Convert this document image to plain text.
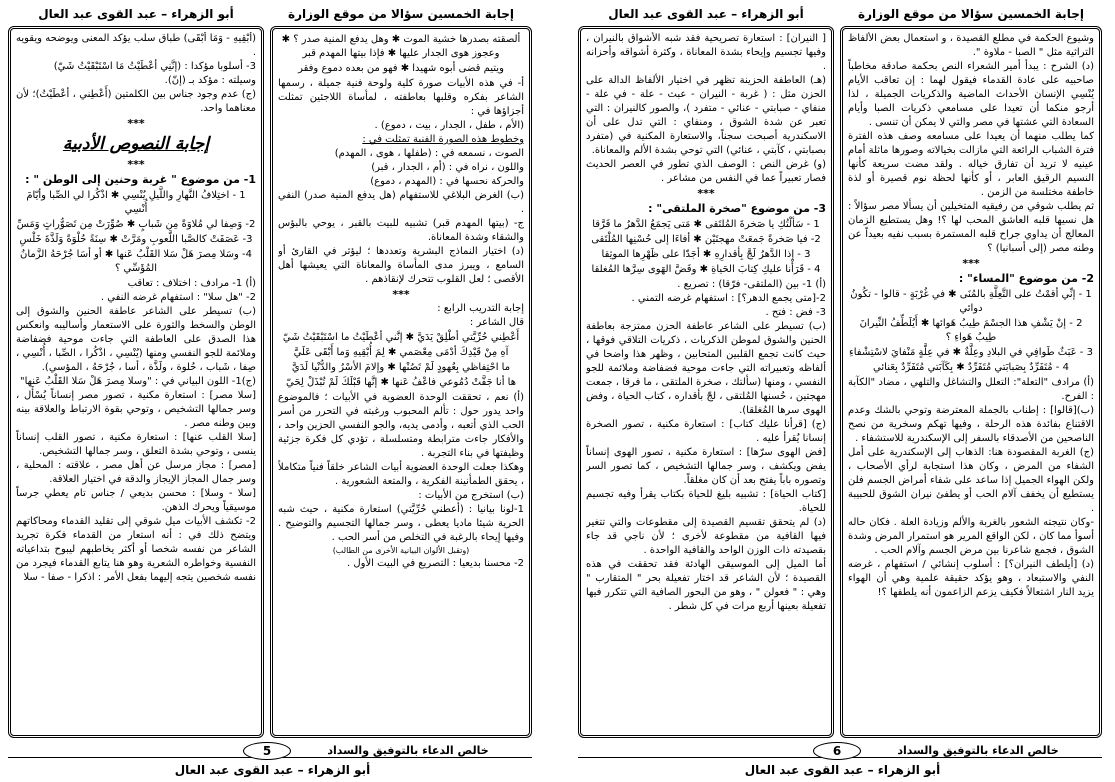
أبو الزهراء – عبد القوى عبد العال	إجابة الخمسين سؤالا من موقع الوزارة
(أبْقِيهِ - وَمَا أَبْقَى) طباق سلب يؤكد المعنى ويوضحه ويقويه .
3- أسلوبا مؤكدا : (إنَّنِي أعْطَيْتُ مَا اسْتَبْقَيْتُ شَيّ)
وسيلته : مؤكد بـ (إنّ).
(ج) عدم وجود جناس بين الكلمتين (أَعْطِني ، أعْطَيْتُ)؛ لأن معناهما واحد.
***
إجابة النصوص الأدبية
***
1- من موضوع " غربة وحنين إلى الوطن " :
1 - اختِلافُ النَّهارِ واللَّيلِ يُنْسِي ✱ اذْكُرا لي الصِّبا وأيّامَ أُنْسِي
2- وَصِفا لي مُلاوَةً مِن شَبابٍ ✱ صُوِّرَتْ مِن تَصَوُّراتٍ وَمَسِّ
3- عَصَفَتْ كالصَّبا اللَّعوبِ ومَرَّتْ ✱ سِنَةً حُلْوَةً وَلَذَّةَ خَلْسِ
4- وسَلا مِصرَ هَلْ سَلا القَلْبُ عَنها ✱ أو أسَا جُرْحَهُ الزَّمانُ المُؤَسِّي ؟
(أ) 1- مرادف : اختلاف : تعاقب
2- "هل سلا" : استفهام غرضه النفي .
(ب) تسيطر على الشاعر عاطفة الحنين والشوق إلى الوطن والسخط والثورة على الاستعمار وأساليبه وانعكس هذا الصدق على العاطفة التي جاءت موحية فضفاضة وملائمة للجو النفسي ومنها (يُنْسِي ، اذْكُرا ، الصِّبا ، أُنْسِي ، صِفا ، شَباب ، حُلوة ، ولَذَّة ، أسا ، جُرْحَهُ ، المؤسي).
(ج)1- اللون البياني في : "وسلا مِصرَ هَلْ سَلا القَلْبُ عَنها"
[سلا مصر] : استعارة مكنية ، تصور مصر إنساناً يُسْأَل ، وسر جمالها التشخيص ، وتوحي بقوة الارتباط والعلاقة بينه وبين وطنه مصر .
[سلا القلب عنها] : استعارة مكنية ، تصور القلب إنساناً ينسى ، وتوحي بشدة التعلق ، وسر جمالها التشخيص.
[مصر] : مجاز مرسل عن أهل مصر ، علاقته : المحلية ، وسر جمال المجاز الإيجاز والدقة في اختيار العلاقة.
[سلا - وسلا] : محسن بديعي / جناس تام يعطي جرساً موسيقياً ويحرك الذهن.
2- تكشف الأبيات ميل شوقي إلى تقليد القدماء ومحاكاتهم ويتضح ذلك في : أنه استعار من القدماء فكرة تجريد الشاعر من نفسه شخصا أو أكثر يخاطبهم ليبوح بتداعياته النفسية وخواطره الشعرية وهو هنا يتابع القدماء فيجرد من نفسه شخصين يتجه إليهما بفعل الأمر : اذكرا - صفا - سلا
ألصقته بصدرها خشية الموت ✱ وهل يدفع المنية صدر ؟ ✱ وعجوز هوى الجدار عليها ✱ فإذا بيتها المهدم قبر
ويتيم قضى أبوه شهيدا ✱ فهو من بعده دموع وفقر
أ- في هذه الأبيات صورة كلية ولوحة فنية جميلة ، رسمها الشاعر بفكره وقلبها بعاطفته ، لمأساة اللاجئين تمثلت أجزاؤها في :
(الأم ، طفل ، الجدار ، بيت ، دموع) .
وخطوط هذه الصورة الفنية تمثلت في :
الصوت ، نسمعه في : (طفلها ، هوى ، المهدم)
واللون ، نراه في : (أم ، الجدار ، قبر)
والحركة نحسها في : (المهدم ، دموع)
(ب) الغرض البلاغي للاستفهام (هل يدفع المنية صدر) النفي .
ج- (بيتها المهدم قبر) تشبيه للبيت بالقبر ، يوحي بالبؤس والشقاء وشدة المعاناة.
(د) اختيار النماذج البشرية وتعددها ؛ ليؤثر في القارئ أو السامع ، ويبرز مدى المأساة والمعاناة التي يعيشها أهل الأقصى ؛ لعل القلوب تتحرك لإنقاذهم .
***
إجابة التدريب الرابع :
قال الشاعر :
أَعْطِني حُرِّيَّتي أطْلِقْ يَدَيَّ ✱ إنَّني أعْطَيْتُ ما اسْتَبْقَيْتُ شَيّ
آهِ مِنْ قَيْدِكَ أدْمَى مِعْصَمي ✱ لِمَ أُبْقِيهِ وَما أَبْقَى عَلَيَّ
ما احْتِفاظي بِعُهودٍ لَمْ تَصُنْها ✱ وإلامَ الأسْرُ والدُّنْيا لَدَيَّ
ها أنا جَفَّتْ دُمُوعي فاعْفُ عَنها ✱ إنَّها قَبْلَكَ لَمْ تُبْذَلْ لِحَيّ
(أ) نعم ، تحققت الوحدة العضوية في الأبيات ؛ فالموضوع واحد يدور حول : تألم المحبوب ورغبته في التحرر من أسر الحب الذي أتعبه ، وأدمى يديه، والجو النفسي الحزين واحد ، والأفكار جاءت مترابطة ومتسلسلة ، تؤدي كل فكرة جزئية وظيفتها في بناء التجربة .
وهكذا جعلت الوحدة العضوية أبيات الشاعر خلقاً فنياً متكاملاً ، يحقق الطمأنينة الفكرية ، والمتعة الشعورية .
(ب) استخرج من الأبيات :
1-لونا بيانيا : (أعطني حُرِّيَّتي) استعارة مكنية ، حيث شبه الحرية شيئا ماديا يعطى ، وسر جمالها التجسيم والتوضيح . وفيها إيحاء بالرغبة في التخلص من أسر الحب .
(وتقبل الألوان البيانية الأخرى من الطالب)
2- محسنا بديعيا : التصريع في البيت الأول .
5	خالص الدعاء بالتوفيق والسداد
أبو الزهراء – عبد القوى عبد العال
أبو الزهراء – عبد القوى عبد العال	إجابة الخمسين سؤالا من موقع الوزارة
[ النيران] : استعارة تصريحية فقد شبه الأشواق بالنيران ، وفيها تجسيم وإيحاء بشدة المعاناة ، وكثرة أشواقه وأحزانه .
(هـ) العاطفة الحزينة تظهر في اختيار الألفاظ الدالة على الحزن مثل : ( غربة - النيران - عبث - علة - في علة - منفاي - صبابتي - عنائي - متفرد )، والصور كالنيران : التي تعبر عن شدة الشوق ، ومنفاي : التي تدل على أن الاسكندرية أصبحت سجناً، والاستعارة المكنية في (متفرد بصبابتي ، كآبتي ، عنائي) التي توحي بشدة الألم والمعاناة.
(و) غرض النص : الوصف الذي تطور في العصر الحديث فصار تعبيراً عما في النفس من مشاعر .
***
3- من موضوع "صخرة الملتقى" :
1 - سَألْتُكِ يا صَخرةَ المُلتَقى ✱ مَتى يَجمَعُ الدَّهرُ ما فَرَّقا
2- فيا صَخرةً جَمعَتْ مهجتَيْن ✱ أفاءَا إلى حُسْنِها المُلْتَقى
3 - إذا الدَّهرُ لَجَّ بِأقدارِهِ ✱ أجَدّا على ظَهْرِها الموثِقا
4 - قَرَأْنا عليكِ كِتابَ الحَياةِ ✱ وفَضَّ الهَوى سِرَّها المُغلقا
(أ) 1- بين (الملتقى- فرّقا) : تصريع .
2-[متى يجمع الدهر؟] : استفهام غرضه التمني .
3- فض : فتح .
(ب) تسيطر على الشاعر عاطفة الحزن ممتزجة بعاطفة الحنين والشوق لموطن الذكريات ، ذكريات التلاقي فوقها ، حيث كانت تجمع القلبين المتحابين ، وظهر هذا واضحا في ألفاظه وتعبيراته التي جاءت موحية فضفاضة وملائمة للجو النفسي ، ومنها (سألتك ، صخرة الملتقى ، ما فرقا ، جمعت مهجتين ، حُسنها المُلتقى ، لجّ بأقداره ، كتاب الحياة ، وفض الهوى سرها المُغلقا).
(ج) [قرأنا عليك كتاب] : استعارة مكنية ، تصور الصخرة إنسانا يُقرأ عليه .
[فض الهوى سرّها] : استعارة مكنية ، تصور الهوى إنساناً يفض ويكشف ، وسر جمالها التشخيص ، كما تصور السر وتصوره باباً يفتح بعد أن كان مغلقاً.
[كتاب الحياة] : تشبيه بليغ للحياة بكتاب يقرأ وفيه تجسيم للحياة.
(د) لم يتحقق تقسيم القصيدة إلى مقطوعات والتي تتغير فيها القافية من مقطوعة لأخرى ؛ لأن ناجي قد جاء بقصيدته ذات الوزن الواحد والقافية الواحدة .
أما الميل إلى الموسيقى الهادئة فقد تحققت في هذه القصيدة ؛ لأن الشاعر قد اختار تفعيلة بحر " المتقارب " وهي : " فعولن " ، وهو من البحور الصافية التي تتكرر فيها تفعيلة بعينها أربع مرات في كل شطر .
وشيوع الحكمة في مطلع القصيدة ، و استعمال بعض الألفاظ التراثية مثل " الصبا - ملاوة ".
(د) الشرح : يبدأ أمير الشعراء النص بحكمة صادقة مخاطباً صاحبيه على عادة القدماء فيقول لهما : إن تعاقب الأيام يُنْسِي الإنسان الأحداث الماضية والذكريات الجميلة ، لذا أرجو منكما أن تعيدا على مسامعي ذكريات الصبا وأيام السعادة التي عشتها في مصر والتي لا يمكن أن تنسى .
كما يطلب منهما أن يعيدا على مسامعه وصف هذه الفترة فترة الشباب الرائعة التي مازالت بخيالاته وصورها ماثلة أمام عينيه لا تريد أن تفارق خياله . ولقد مضت سريعة كأنها النسيم الرقيق العابر ، أو كأنها لحظة نوم قصيرة أو لذة خاطفة مختلسة من الزمن .
ثم يطلب شوقي من رفيقيه المتخيلين أن يسألا مصر سؤالاً : هل نسيها قلبه العاشق المحب لها ؟! وهل يستطيع الزمان المعالج أن يداوي جراح قلبه المستمرة بسبب نفيه بعيداً عن وطنه مصر (إلى أسبانيا) ؟
***
2- من موضوع "المساء" :
1 - إنِّي أقمْتُ على التَّعِلَّةِ بالمُنَى ✱ في غُرْبَةٍ - قالوا - تكُونُ دوائي
2 - إنْ يَشْفِ هذا الجسْمَ طِيبُ هَوائها ✱ أَيُلَطِّفُ النِّيرانَ طِيبُ هَواءِ ؟
3 - عَبَثٌ طَوافِي في البلادِ وعِلَّةٌ ✱ في عِلَّةٍ مَنْفايَ لاسْتِشْفاءِ
4 - مُتَفَرِّدٌ بِصَبابَتي مُتَفَرِّدٌ ✱ بِكَآبَتي مُتَفَرِّدٌ بِعَنائي
(أ) مرادف "التعلة": التعلل والتشاغل والتلهي ، مضاد "الكآبة : الفرح.
(ب)[قالوا] : إطناب بالجملة المعترضة وتوحي بالشك وعدم الاقتناع بفائدة هذه الرحلة ، وفيها تهكم وسخرية من نصح الناصحين من الأصدقاء بالسفر إلى الإسكندرية للاستشفاء .
(ج) الغربة المقصودة هنا: الذهاب إلى الإسكندرية على أمل الشفاء من المرض ، وكان هذا استجابة لرأي الأصحاب ، ولكن الهواء الجميل إذا ساعد على شفاء أمراض الجسم فلن يستطيع أن يخفف آلام الحب أو يطفئ نيران الشوق للحبيبة .
-وكان نتيجته الشعور بالغربة والألم وزيادة العلة . فكان حاله أسوأ مما كان ، لكن الواقع المرير هو استمرار المرض وشدة الشوق ، فجمع شاعرنا بين مرض الجسم وآلام الحب .
(د) [أيلطف النيران؟] : أسلوب إنشائي / استفهام ، غرضه النفي والاستبعاد ، وهو يؤكد حقيقة علمية وهي أن الهواء يزيد النار اشتعالاً فكيف يزعم الزاعمون أنه يلطفها ؟!
6	خالص الدعاء بالتوفيق والسداد
أبو الزهراء – عبد القوى عبد العال
